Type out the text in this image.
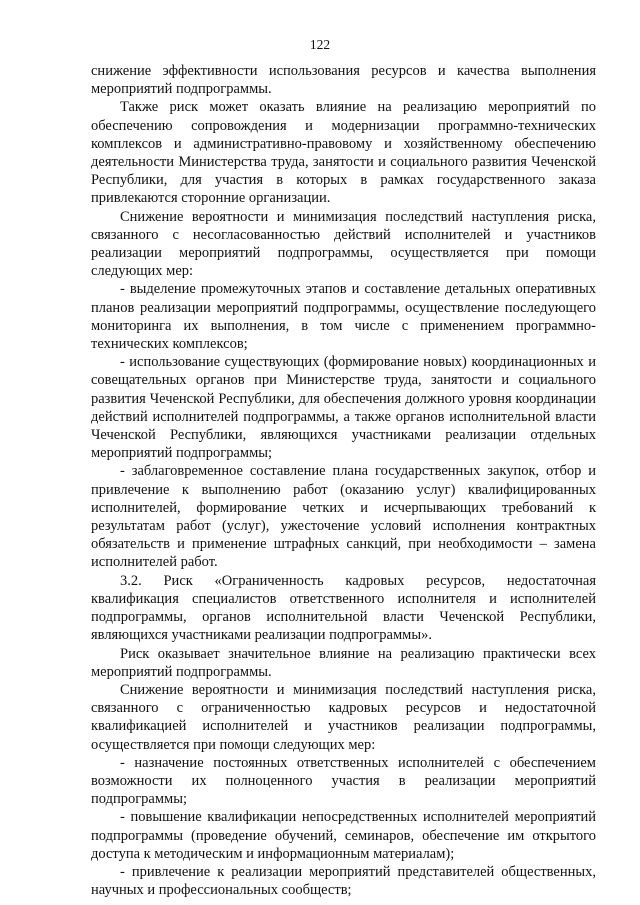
122

снижение эффективности использования ресурсов и качества выполнения мероприятий подпрограммы.

Также риск может оказать влияние на реализацию мероприятий по обеспечению сопровождения и модернизации программно-технических комплексов и административно-правовому и хозяйственному обеспечению деятельности Министерства труда, занятости и социального развития Чеченской Республики, для участия в которых в рамках государственного заказа привлекаются сторонние организации.

Снижение вероятности и минимизация последствий наступления риска, связанного с несогласованностью действий исполнителей и участников реализации мероприятий подпрограммы, осуществляется при помощи следующих мер:

- выделение промежуточных этапов и составление детальных оперативных планов реализации мероприятий подпрограммы, осуществление последующего мониторинга их выполнения, в том числе с применением программно-технических комплексов;

- использование существующих (формирование новых) координационных и совещательных органов при Министерстве труда, занятости и социального развития Чеченской Республики, для обеспечения должного уровня координации действий исполнителей подпрограммы, а также органов исполнительной власти Чеченской Республики, являющихся участниками реализации отдельных мероприятий подпрограммы;

- заблаговременное составление плана государственных закупок, отбор и привлечение к выполнению работ (оказанию услуг) квалифицированных исполнителей, формирование четких и исчерпывающих требований к результатам работ (услуг), ужесточение условий исполнения контрактных обязательств и применение штрафных санкций, при необходимости – замена исполнителей работ.

3.2. Риск «Ограниченность кадровых ресурсов, недостаточная квалификация специалистов ответственного исполнителя и исполнителей подпрограммы, органов исполнительной власти Чеченской Республики, являющихся участниками реализации подпрограммы».

Риск оказывает значительное влияние на реализацию практически всех мероприятий подпрограммы.

Снижение вероятности и минимизация последствий наступления риска, связанного с ограниченностью кадровых ресурсов и недостаточной квалификацией исполнителей и участников реализации подпрограммы, осуществляется при помощи следующих мер:

- назначение постоянных ответственных исполнителей с обеспечением возможности их полноценного участия в реализации мероприятий подпрограммы;

- повышение квалификации непосредственных исполнителей мероприятий подпрограммы (проведение обучений, семинаров, обеспечение им открытого доступа к методическим и информационным материалам);

- привлечение к реализации мероприятий представителей общественных, научных и профессиональных сообществ;
